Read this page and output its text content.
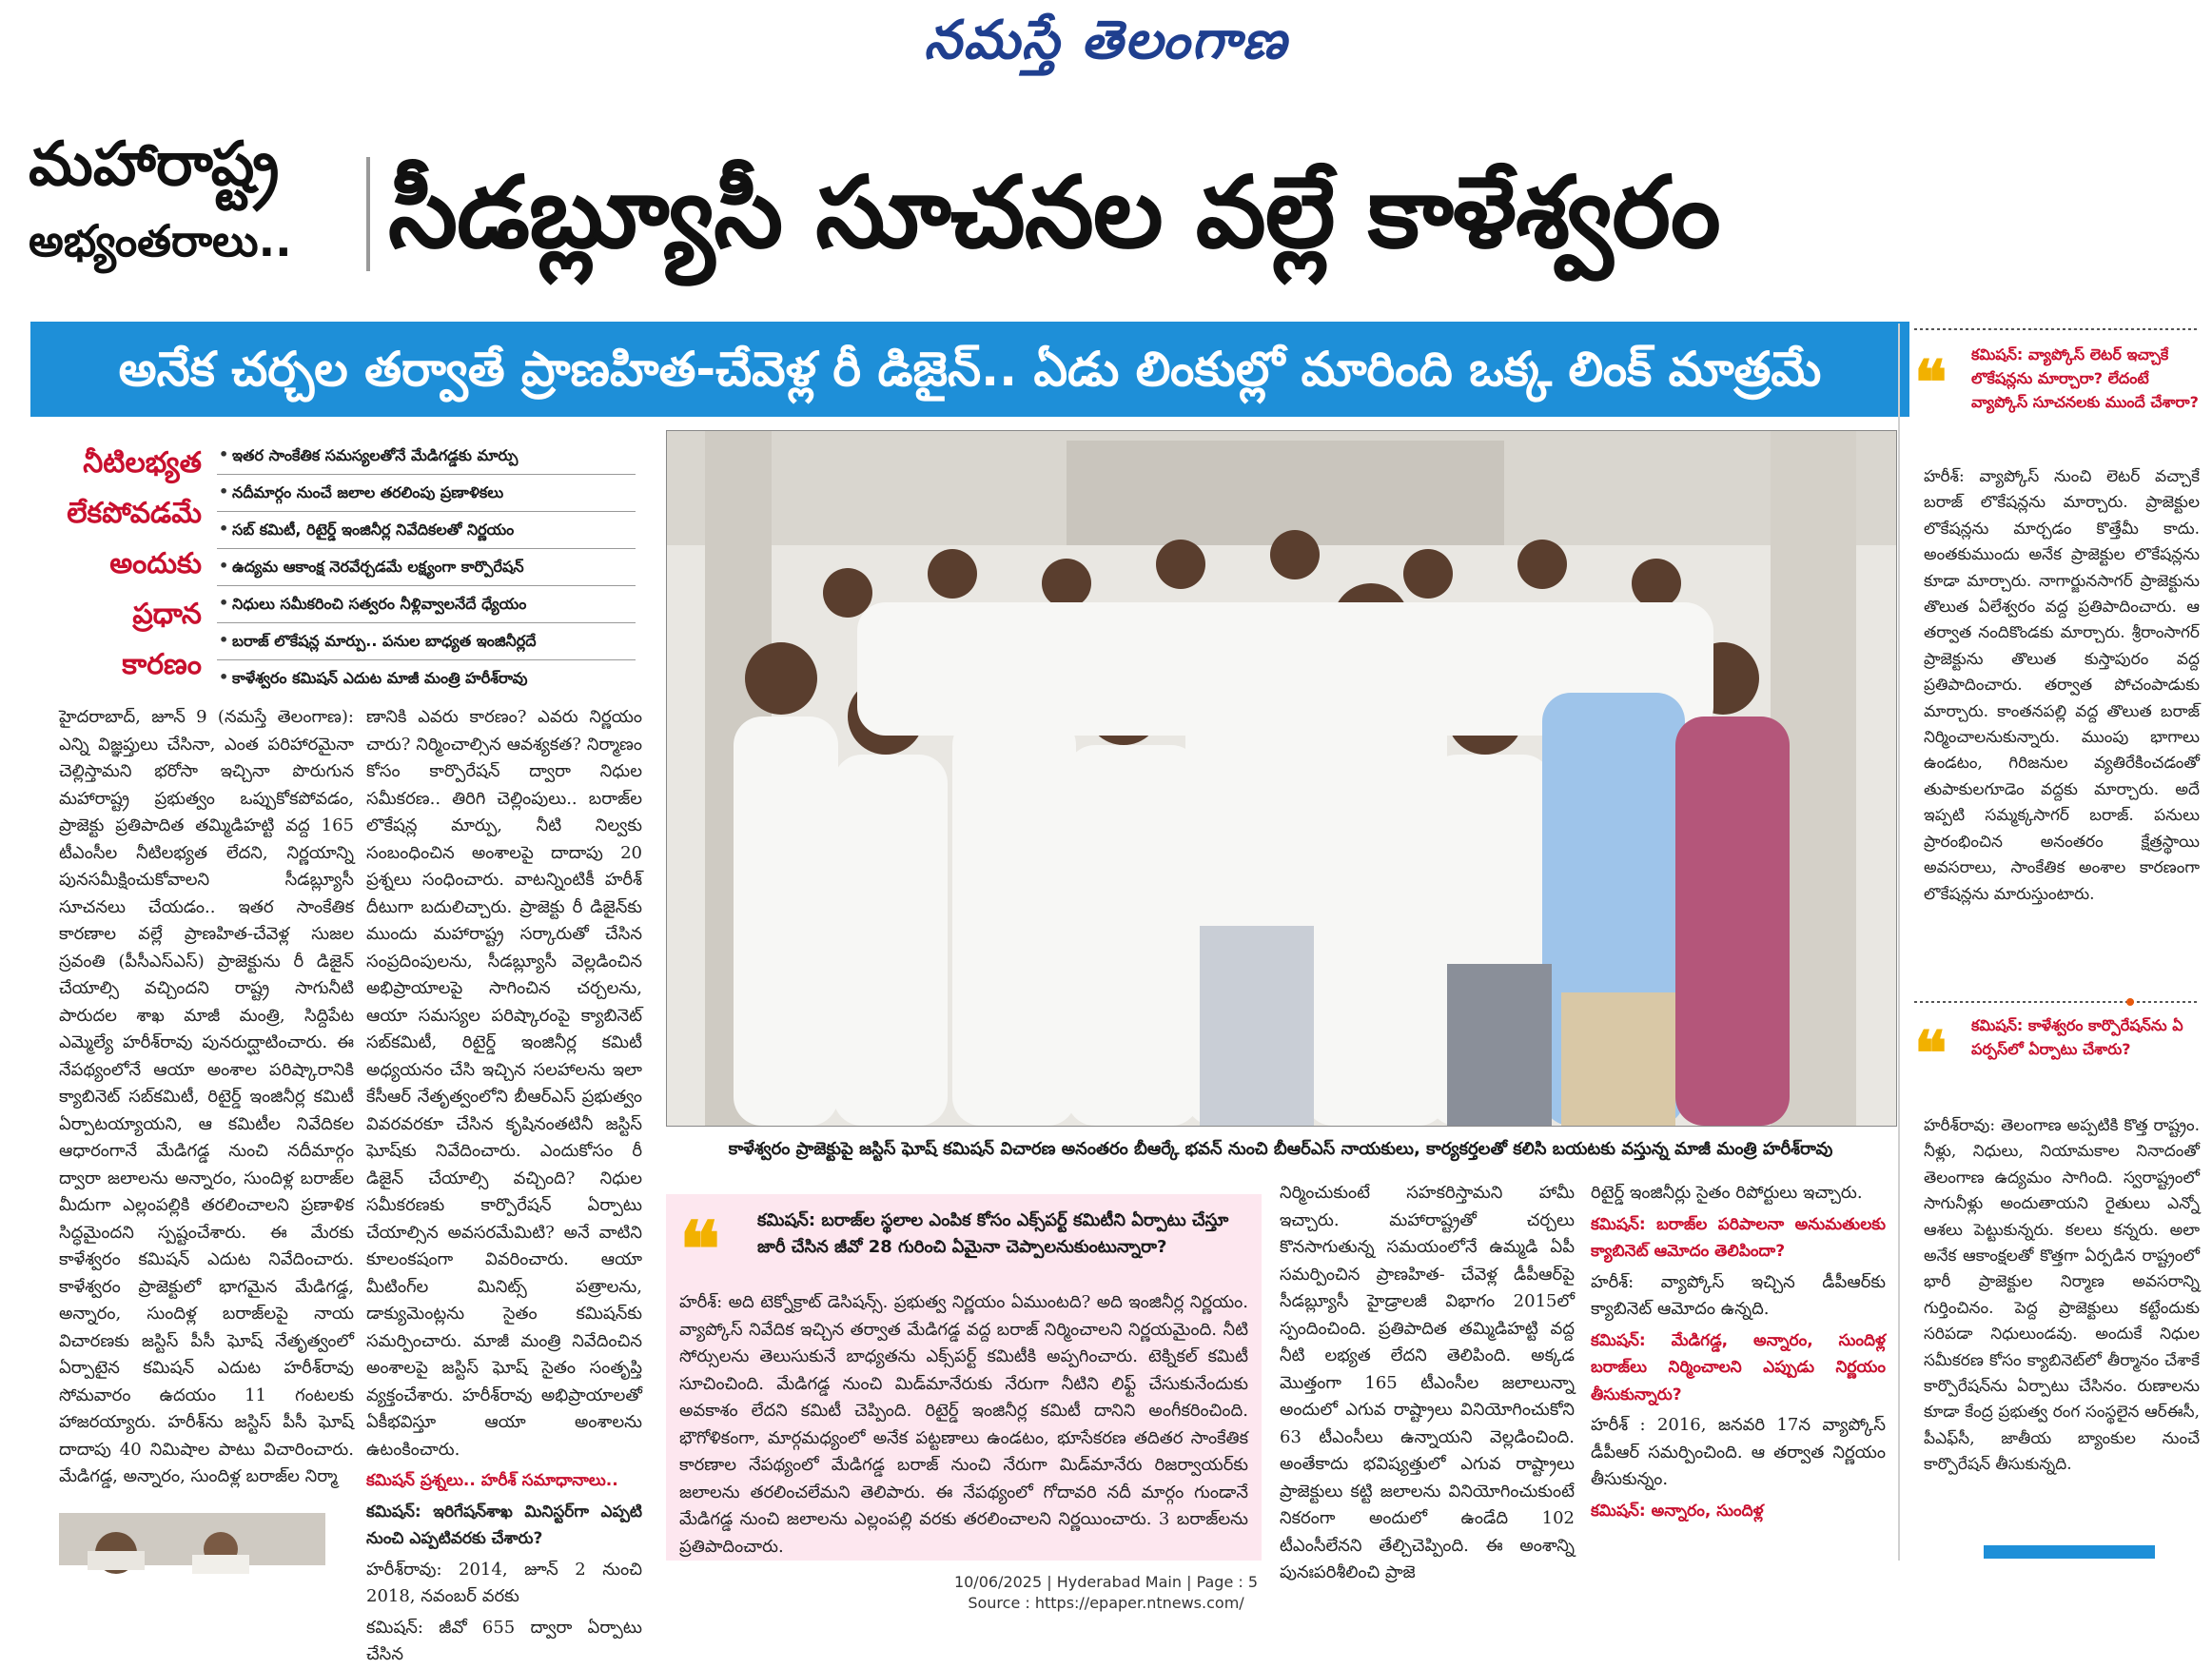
నమస్తే తెలంగాణ
మహారాష్ట్ర
అభ్యంతరాలు.. సీడబ్ల్యూసీ సూచనల వల్లే కాళేశ్వరం
అనేక చర్చల తర్వాతే ప్రాణహిత-చేవెళ్ల రీ డిజైన్.. ఏడు లింకుల్లో మారింది ఒక్క లింక్ మాత్రమే
నీటిలభ్యత
లేకపోవడమే
అందుకు
ప్రధాన
కారణం
• ఇతర సాంకేతిక సమస్యలతోనే మేడిగడ్డకు మార్పు
• నదీమార్గం నుంచే జలాల తరలింపు ప్రణాళికలు
• సబ్ కమిటీ, రిటైర్డ్ ఇంజినీర్ల నివేదికలతో నిర్ణయం
• ఉద్యమ ఆకాంక్ష నెరవేర్చడమే లక్ష్యంగా కార్పొరేషన్
• నిధులు సమీకరించి సత్వరం నీళ్లివ్వాలనేదే ధ్యేయం
• బరాజ్ లొకేషన్ల మార్పు.. పనుల బాధ్యత ఇంజినీర్లదే
• కాళేశ్వరం కమిషన్ ఎదుట మాజీ మంత్రి హరీశ్‌రావు

హైదరాబాద్, జూన్ 9 (నమస్తే తెలంగాణ): ఎన్ని విజ్ఞప్తులు చేసినా, ఎంత పరిహారమైనా చెల్లిస్తామని భరోసా ఇచ్చినా పొరుగున మహారాష్ట్ర ప్రభుత్వం ఒప్పుకోకపోవడం, ప్రాజెక్టు ప్రతిపాదిత తమ్మిడిహట్టి వద్ద 165 టీఎంసీల నీటిలభ్యత లేదని, నిర్ణయాన్ని పునసమీక్షించుకోవాలని సీడబ్ల్యూసీ సూచనలు చేయడం.. ఇతర సాంకేతిక కారణాల వల్లే ప్రాణహిత-చేవెళ్ల సుజల స్రవంతి (పీసీఎస్ఎస్) ప్రాజెక్టును రీ డిజైన్ చేయాల్సి వచ్చిందని రాష్ట్ర సాగునీటి పారుదల శాఖ మాజీ మంత్రి, సిద్దిపేట ఎమ్మెల్యే హరీశ్‌రావు పునరుద్ఘాటించారు. ఈ నేపథ్యంలోనే ఆయా అంశాల పరిష్కారానికి క్యాబినెట్ సబ్‌కమిటీ, రిటైర్డ్ ఇంజినీర్ల కమిటీ ఏర్పాటయ్యాయని, ఆ కమిటీల నివేదికల ఆధారంగానే మేడిగడ్డ నుంచి నదీమార్గం ద్వారా జలాలను అన్నారం, సుందిళ్ల బరాజ్‌ల మీదుగా ఎల్లంపల్లికి తరలించాలని ప్రణాళిక సిద్ధమైందని స్పష్టంచేశారు. ఈ మేరకు కాళేశ్వరం కమిషన్ ఎదుట నివేదించారు. కాళేశ్వరం ప్రాజెక్టులో భాగమైన మేడిగడ్డ, అన్నారం, సుందిళ్ల బరాజ్‌లపై నాయ విచారణకు జస్టిస్ పీసీ ఘోష్ నేతృత్వంలో ఏర్పాటైన కమిషన్ ఎదుట హరీశ్‌రావు సోమవారం ఉదయం 11 గంటలకు హాజరయ్యారు. హరీశ్‌ను జస్టిస్ పీసీ ఘోష్ దాదాపు 40 నిమిషాల పాటు విచారించారు. మేడిగడ్డ, అన్నారం, సుందిళ్ల బరాజ్‌ల నిర్మా

ణానికి ఎవరు కారణం? ఎవరు నిర్ణయం చారు? నిర్మించాల్సిన ఆవశ్యకత? నిర్మాణం కోసం కార్పొరేషన్ ద్వారా నిధుల సమీకరణ.. తిరిగి చెల్లింపులు.. బరాజ్‌ల లొకేషన్ల మార్పు, నీటి నిల్వకు సంబంధించిన అంశాలపై దాదాపు 20 ప్రశ్నలు సంధించారు. వాటన్నింటికీ హరీశ్ దీటుగా బదులిచ్చారు. ప్రాజెక్టు రీ డిజైన్‌కు ముందు మహారాష్ట్ర సర్కారుతో చేసిన సంప్రదింపులను, సీడబ్ల్యూసీ వెల్లడించిన అభిప్రాయాలపై సాగించిన చర్చలను, ఆయా సమస్యల పరిష్కారంపై క్యాబినెట్ సబ్‌కమిటీ, రిటైర్డ్ ఇంజినీర్ల కమిటీ అధ్యయనం చేసి ఇచ్చిన సలహాలను ఇలా కేసీఆర్ నేతృత్వంలోని బీఆర్ఎస్ ప్రభుత్వం వివరవరకూ చేసిన కృషినంతటినీ జస్టిస్ ఘోష్‌కు నివేదించారు. ఎందుకోసం రీ డిజైన్ చేయాల్సి వచ్చింది? నిధుల సమీకరణకు కార్పొరేషన్ ఏర్పాటు చేయాల్సిన అవసరమేమిటి? అనే వాటిని కూలంకషంగా వివరించారు. ఆయా మీటింగ్‌ల మినిట్స్ పత్రాలను, డాక్యుమెంట్లను సైతం కమిషన్‌కు సమర్పించారు. మాజీ మంత్రి నివేదించిన అంశాలపై జస్టిస్ ఘోష్ సైతం సంతృప్తి వ్యక్తంచేశారు. హరీశ్‌రావు అభిప్రాయాలతో ఏకీభవిస్తూ ఆయా అంశాలను ఉటంకించారు.

కమిషన్ ప్రశ్నలు.. హరీశ్ సమాధానాలు..

కమిషన్: ఇరిగేషన్‌శాఖ మినిస్టర్‌గా ఎప్పటి నుంచి ఎప్పటివరకు చేశారు?

హరీశ్‌రావు: 2014, జూన్ 2 నుంచి 2018, నవంబర్ వరకు

కమిషన్: జీవో 655 ద్వారా ఏర్పాటు చేసిన

కాళేశ్వరం ప్రాజెక్టుపై జస్టిస్ ఘోష్ కమిషన్ విచారణ అనంతరం బీఆర్కే భవన్ నుంచి బీఆర్ఎస్ నాయకులు, కార్యకర్తలతో కలిసి బయటకు వస్తున్న మాజీ మంత్రి హరీశ్‌రావు
❝ కమిషన్: బరాజ్‌ల స్థలాల ఎంపిక కోసం ఎక్స్‌పర్ట్ కమిటీని ఏర్పాటు చేస్తూ జారీ చేసిన జీవో 28 గురించి ఏమైనా చెప్పాలనుకుంటున్నారా?
హరీశ్: అది టెక్నోక్రాట్ డెసిషన్స్. ప్రభుత్వ నిర్ణయం ఏముంటది? అది ఇంజినీర్ల నిర్ణయం. వ్యాప్కోస్ నివేదిక ఇచ్చిన తర్వాత మేడిగడ్డ వద్ద బరాజ్ నిర్మించాలని నిర్ణయమైంది. నీటి సోర్సులను తెలుసుకునే బాధ్యతను ఎక్స్‌పర్ట్ కమిటీకి అప్పగించారు. టెక్నికల్ కమిటీ సూచించింది. మేడిగడ్డ నుంచి మిడ్‌మానేరుకు నేరుగా నీటిని లిఫ్ట్ చేసుకునేందుకు అవకాశం లేదని కమిటీ చెప్పింది. రిటైర్డ్ ఇంజినీర్ల కమిటీ దానిని అంగీకరించింది. భౌగోళికంగా, మార్గమధ్యంలో అనేక పట్టణాలు ఉండటం, భూసేకరణ తదితర సాంకేతిక కారణాల నేపథ్యంలో మేడిగడ్డ బరాజ్ నుంచి నేరుగా మిడ్‌మానేరు రిజర్వాయర్‌కు జలాలను తరలించలేమని తెలిపారు. ఈ నేపథ్యంలో గోదావరి నదీ మార్గం గుండానే మేడిగడ్డ నుంచి జలాలను ఎల్లంపల్లి వరకు తరలించాలని నిర్ణయించారు. 3 బరాజ్‌లను ప్రతిపాదించారు.

నిర్మించుకుంటే సహకరిస్తామని హామీ ఇచ్చారు. మహారాష్ట్రతో చర్చలు కొనసాగుతున్న సమయంలోనే ఉమ్మడి ఏపీ సమర్పించిన ప్రాణహిత- చేవెళ్ల డీపీఆర్‌పై సీడబ్ల్యూసీ హైడ్రాలజీ విభాగం 2015లో స్పందించింది. ప్రతిపాదిత తమ్మిడిహట్టి వద్ద నీటి లభ్యత లేదని తెలిపింది. అక్కడ మొత్తంగా 165 టీఎంసీల జలాలున్నా అందులో ఎగువ రాష్ట్రాలు వినియోగించుకోని 63 టీఎంసీలు ఉన్నాయని వెల్లడించింది. అంతేకాదు భవిష్యత్తులో ఎగువ రాష్ట్రాలు ప్రాజెక్టులు కట్టి జలాలను వినియోగించుకుంటే నికరంగా అందులో ఉండేది 102 టీఎంసీలేనని తేల్చిచెప్పింది. ఈ అంశాన్ని పునఃపరిశీలించి ప్రాజె

రిటైర్డ్ ఇంజినీర్లు సైతం రిపోర్టులు ఇచ్చారు.

కమిషన్: బరాజ్‌ల పరిపాలనా అనుమతులకు క్యాబినెట్ ఆమోదం తెలిపిందా?

హరీశ్: వ్యాప్కోస్ ఇచ్చిన డీపీఆర్‌కు క్యాబినెట్ ఆమోదం ఉన్నది.

కమిషన్: మేడిగడ్డ, అన్నారం, సుందిళ్ల బరాజ్‌లు నిర్మించాలని ఎప్పుడు నిర్ణయం తీసుకున్నారు?

హరీశ్ : 2016, జనవరి 17న వ్యాప్కోస్ డీపీఆర్ సమర్పించింది. ఆ తర్వాత నిర్ణయం తీసుకున్నం.

కమిషన్: అన్నారం, సుందిళ్ల

❝ కమిషన్: వ్యాప్కోస్ లెటర్ ఇచ్చాకే లొకేషన్లను మార్చారా? లేదంటే వ్యాప్కోస్ సూచనలకు ముందే చేశారా?
హరీశ్: వ్యాప్కోస్ నుంచి లెటర్ వచ్చాకే బరాజ్ లొకేషన్లను మార్చారు. ప్రాజెక్టుల లొకేషన్లను మార్చడం కొత్తేమీ కాదు. అంతకుముందు అనేక ప్రాజెక్టుల లొకేషన్లను కూడా మార్చారు. నాగార్జునసాగర్ ప్రాజెక్టును తొలుత ఏలేశ్వరం వద్ద ప్రతిపాదించారు. ఆ తర్వాత నందికొండకు మార్చారు. శ్రీరాంసాగర్ ప్రాజెక్టును తొలుత కుస్తాపురం వద్ద ప్రతిపాదించారు. తర్వాత పోచంపాడుకు మార్చారు. కాంతనపల్లి వద్ద తొలుత బరాజ్ నిర్మించాలనుకున్నారు. ముంపు భాగాలు ఉండటం, గిరిజనుల వ్యతిరేకించడంతో తుపాకులగూడెం వద్దకు మార్చారు. అదే ఇప్పటి సమ్మక్కసాగర్ బరాజ్. పనులు ప్రారంభించిన అనంతరం క్షేత్రస్థాయి అవసరాలు, సాంకేతిక అంశాల కారణంగా లొకేషన్లను మారుస్తుంటారు.
❝ కమిషన్: కాళేశ్వరం కార్పొరేషన్‌ను ఏ పర్పస్‌లో ఏర్పాటు చేశారు?
హరీశ్‌రావు: తెలంగాణ అప్పటికి కొత్త రాష్ట్రం. నీళ్లు, నిధులు, నియామకాల నినాదంతో తెలంగాణ ఉద్యమం సాగింది. స్వరాష్ట్రంలో సాగునీళ్లు అందుతాయని రైతులు ఎన్నో ఆశలు పెట్టుకున్నరు. కలలు కన్నరు. అలా అనేక ఆకాంక్షలతో కొత్తగా ఏర్పడిన రాష్ట్రంలో భారీ ప్రాజెక్టుల నిర్మాణ అవసరాన్ని గుర్తించినం. పెద్ద ప్రాజెక్టులు కట్టేందుకు సరిపడా నిధులుండవు. అందుకే నిధుల సమీకరణ కోసం క్యాబినెట్‌లో తీర్మానం చేశాకే కార్పొరేషన్‌ను ఏర్పాటు చేసినం. రుణాలను కూడా కేంద్ర ప్రభుత్వ రంగ సంస్థలైన ఆర్ఈసీ, పీఎఫ్‌సీ, జాతీయ బ్యాంకుల నుంచే కార్పొరేషన్ తీసుకున్నది.
10/06/2025 | Hyderabad Main | Page : 5
Source : https://epaper.ntnews.com/
